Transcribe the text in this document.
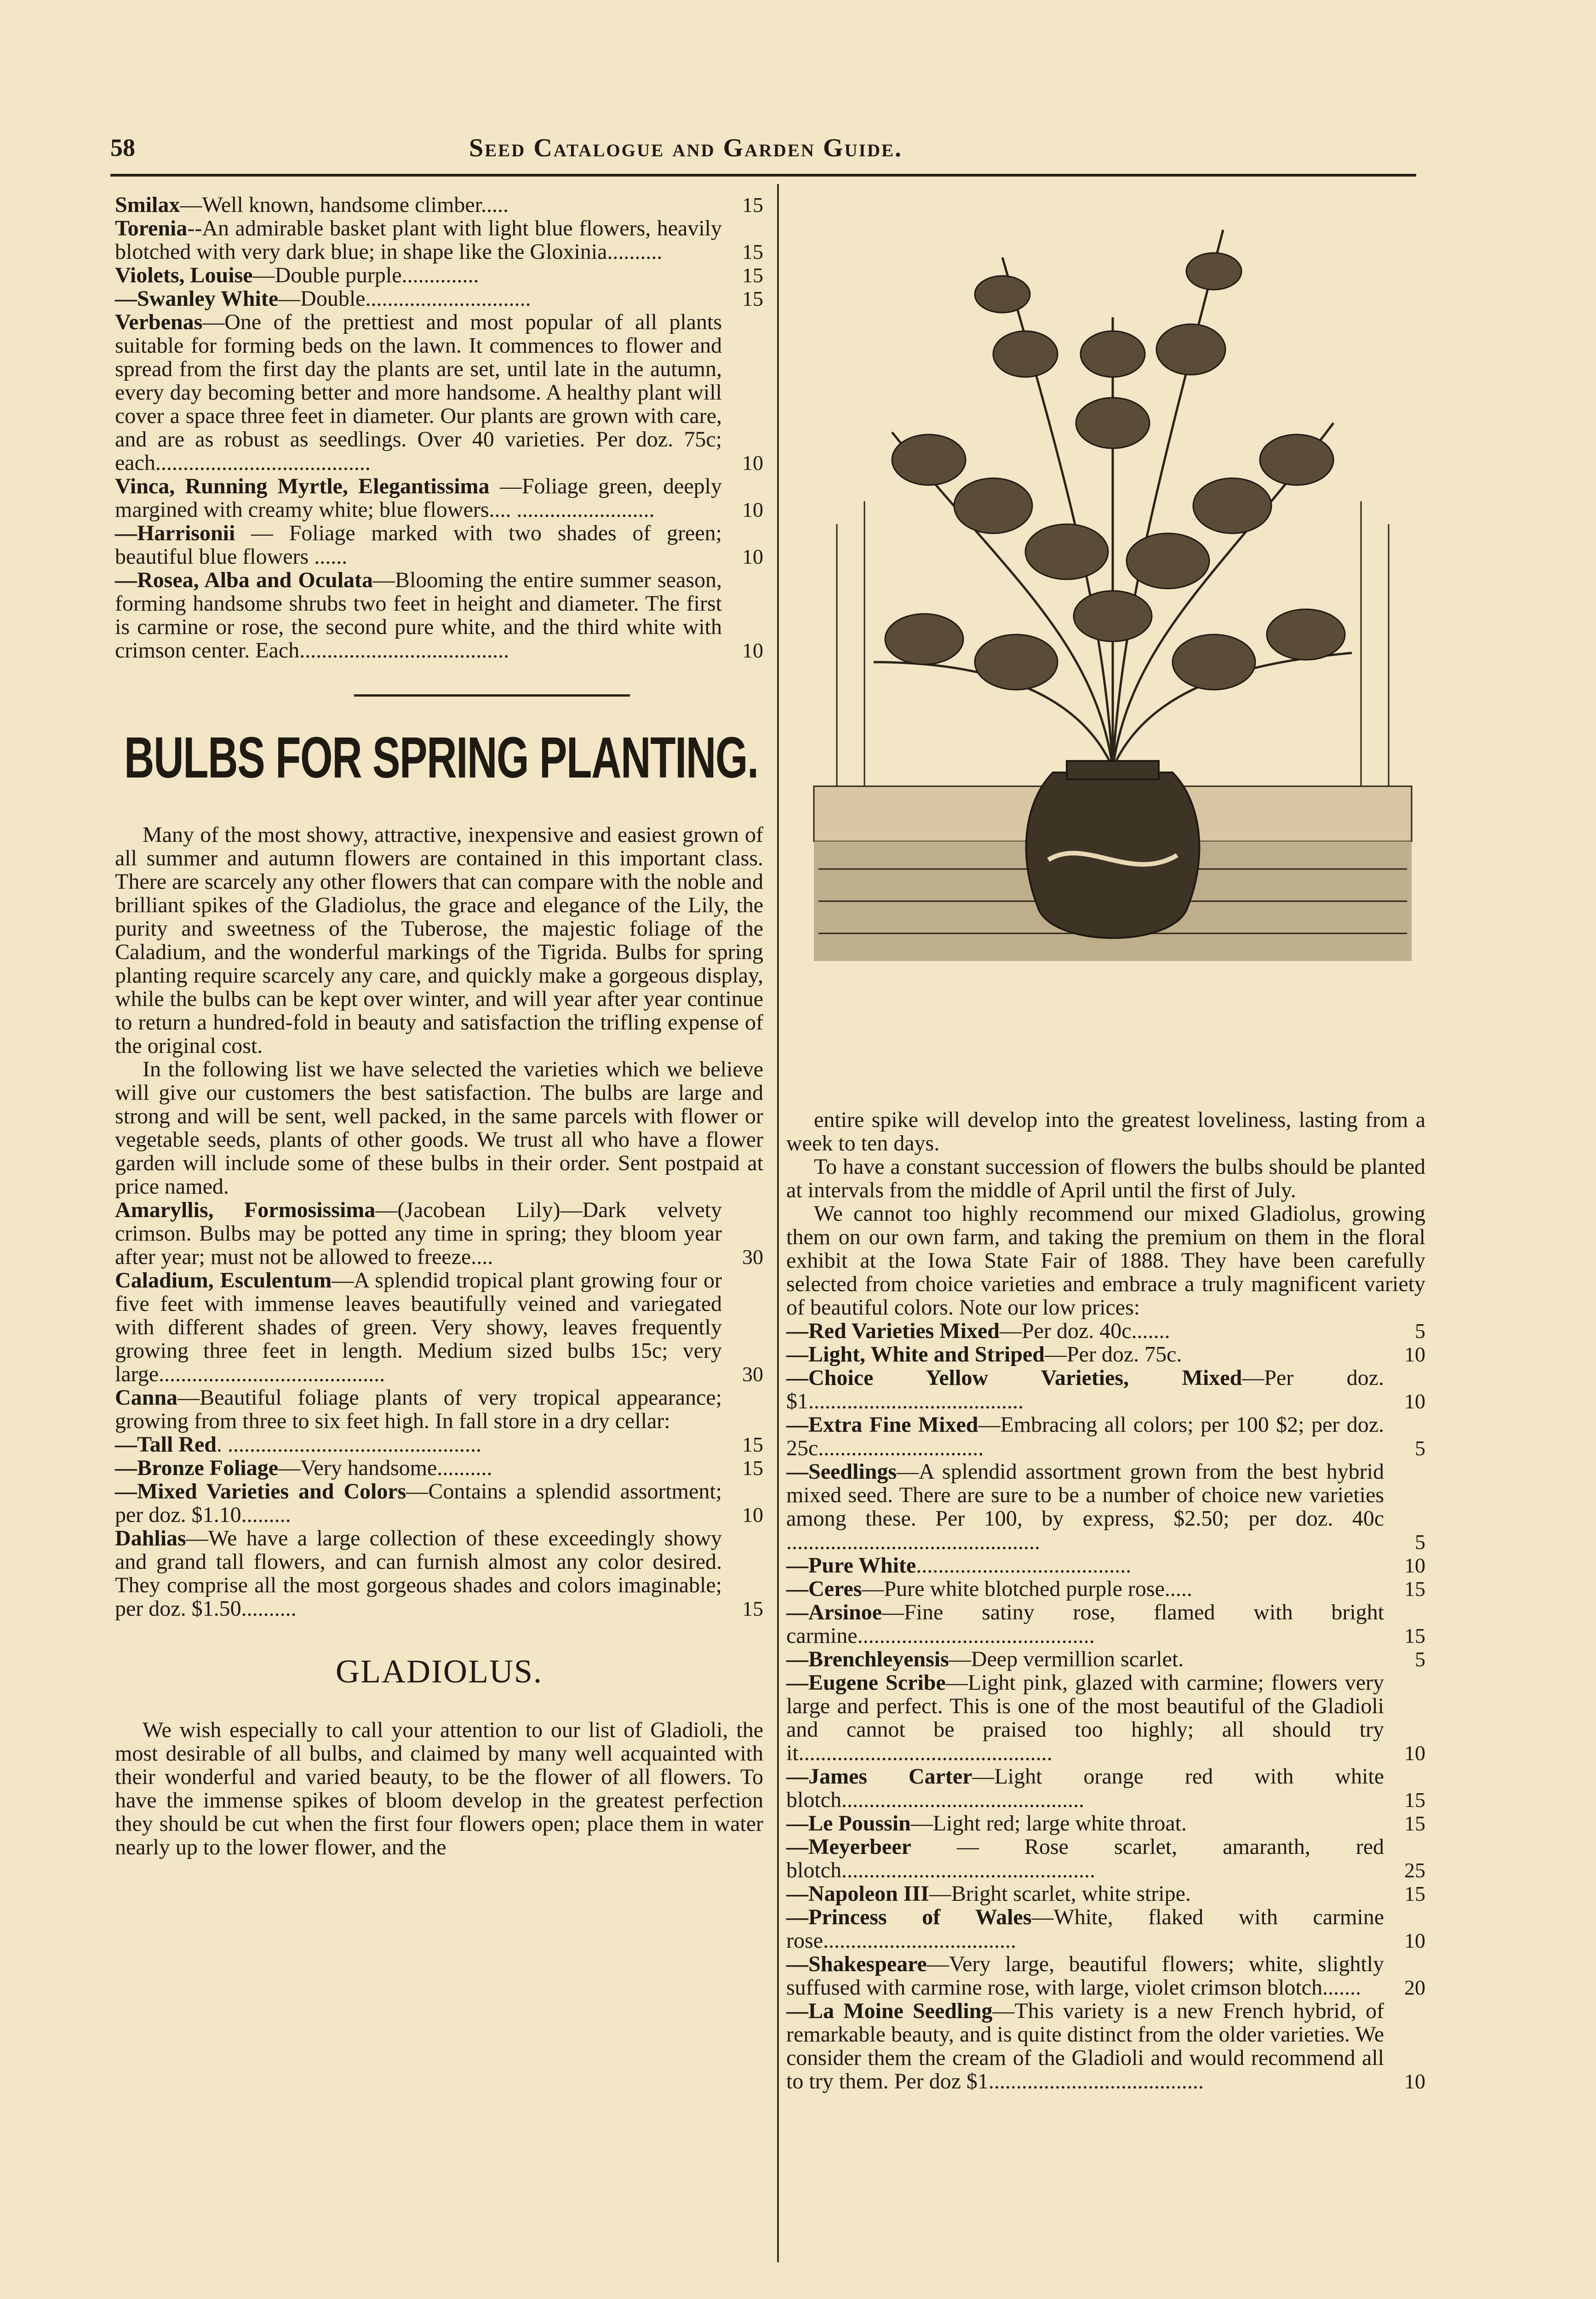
58	Seed Catalogue and Garden Guide.

Smilax—Well known, handsome climber.....	15

Torenia--An admirable basket plant with light blue flowers, heavily blotched with very dark blue; in shape like the Gloxinia..........	15

Violets, Louise—Double purple..............	15

—Swanley White—Double..............................	15

Verbenas—One of the prettiest and most popular of all plants suitable for forming beds on the lawn. It commences to flower and spread from the first day the plants are set, until late in the autumn, every day becoming better and more handsome. A healthy plant will cover a space three feet in diameter. Our plants are grown with care, and are as robust as seedlings. Over 40 varieties. Per doz. 75c; each.......................................	10

Vinca, Running Myrtle, Elegantissima —Foliage green, deeply margined with creamy white; blue flowers.... .........................	10

—Harrisonii — Foliage marked with two shades of green; beautiful blue flowers ......	10

—Rosea, Alba and Oculata—Blooming the entire summer season, forming handsome shrubs two feet in height and diameter. The first is carmine or rose, the second pure white, and the third white with crimson center. Each......................................	10

BULBS FOR SPRING PLANTING.

Many of the most showy, attractive, inexpensive and easiest grown of all summer and autumn flowers are contained in this important class. There are scarcely any other flowers that can compare with the noble and brilliant spikes of the Gladiolus, the grace and elegance of the Lily, the purity and sweetness of the Tuberose, the majestic foliage of the Caladium, and the wonderful markings of the Tigrida. Bulbs for spring planting require scarcely any care, and quickly make a gorgeous display, while the bulbs can be kept over winter, and will year after year continue to return a hundred-fold in beauty and satisfaction the trifling expense of the original cost.

In the following list we have selected the varieties which we believe will give our customers the best satisfaction. The bulbs are large and strong and will be sent, well packed, in the same parcels with flower or vegetable seeds, plants of other goods. We trust all who have a flower garden will include some of these bulbs in their order. Sent postpaid at price named.

Amaryllis, Formosissima—(Jacobean Lily)—Dark velvety crimson. Bulbs may be potted any time in spring; they bloom year after year; must not be allowed to freeze....	30

Caladium, Esculentum—A splendid tropical plant growing four or five feet with immense leaves beautifully veined and variegated with different shades of green. Very showy, leaves frequently growing three feet in length. Medium sized bulbs 15c; very large.........................................	30

Canna—Beautiful foliage plants of very tropical appearance; growing from three to six feet high. In fall store in a dry cellar:

—Tall Red. ..............................................	15

—Bronze Foliage—Very handsome..........	15

—Mixed Varieties and Colors—Contains a splendid assortment; per doz. $1.10.........	10

Dahlias—We have a large collection of these exceedingly showy and grand tall flowers, and can furnish almost any color desired. They comprise all the most gorgeous shades and colors imaginable; per doz. $1.50..........	15

GLADIOLUS.

We wish especially to call your attention to our list of Gladioli, the most desirable of all bulbs, and claimed by many well acquainted with their wonderful and varied beauty, to be the flower of all flowers. To have the immense spikes of bloom develop in the greatest perfection they should be cut when the first four flowers open; place them in water nearly up to the lower flower, and the

entire spike will develop into the greatest loveliness, lasting from a week to ten days.

To have a constant succession of flowers the bulbs should be planted at intervals from the middle of April until the first of July.

We cannot too highly recommend our mixed Gladiolus, growing them on our own farm, and taking the premium on them in the floral exhibit at the Iowa State Fair of 1888. They have been carefully selected from choice varieties and embrace a truly magnificent variety of beautiful colors. Note our low prices:

—Red Varieties Mixed—Per doz. 40c.......	5

—Light, White and Striped—Per doz. 75c.	10

—Choice Yellow Varieties, Mixed—Per doz. $1.......................................	10

—Extra Fine Mixed—Embracing all colors; per 100 $2; per doz. 25c..............................	5

—Seedlings—A splendid assortment grown from the best hybrid mixed seed. There are sure to be a number of choice new varieties among these. Per 100, by express, $2.50; per doz. 40c ..............................................	5

—Pure White.......................................	10

—Ceres—Pure white blotched purple rose.....	15

—Arsinoe—Fine satiny rose, flamed with bright carmine...........................................	15

—Brenchleyensis—Deep vermillion scarlet.	5

—Eugene Scribe—Light pink, glazed with carmine; flowers very large and perfect. This is one of the most beautiful of the Gladioli and cannot be praised too highly; all should try it..............................................	10

—James Carter—Light orange red with white blotch............................................	15

—Le Poussin—Light red; large white throat.	15

—Meyerbeer — Rose scarlet, amaranth, red blotch..............................................	25

—Napoleon III—Bright scarlet, white stripe.	15

—Princess of Wales—White, flaked with carmine rose...................................	10

—Shakespeare—Very large, beautiful flowers; white, slightly suffused with carmine rose, with large, violet crimson blotch....... 20

—La Moine Seedling—This variety is a new French hybrid, of remarkable beauty, and is quite distinct from the older varieties. We consider them the cream of the Gladioli and would recommend all to try them. Per doz $1.......................................	10
